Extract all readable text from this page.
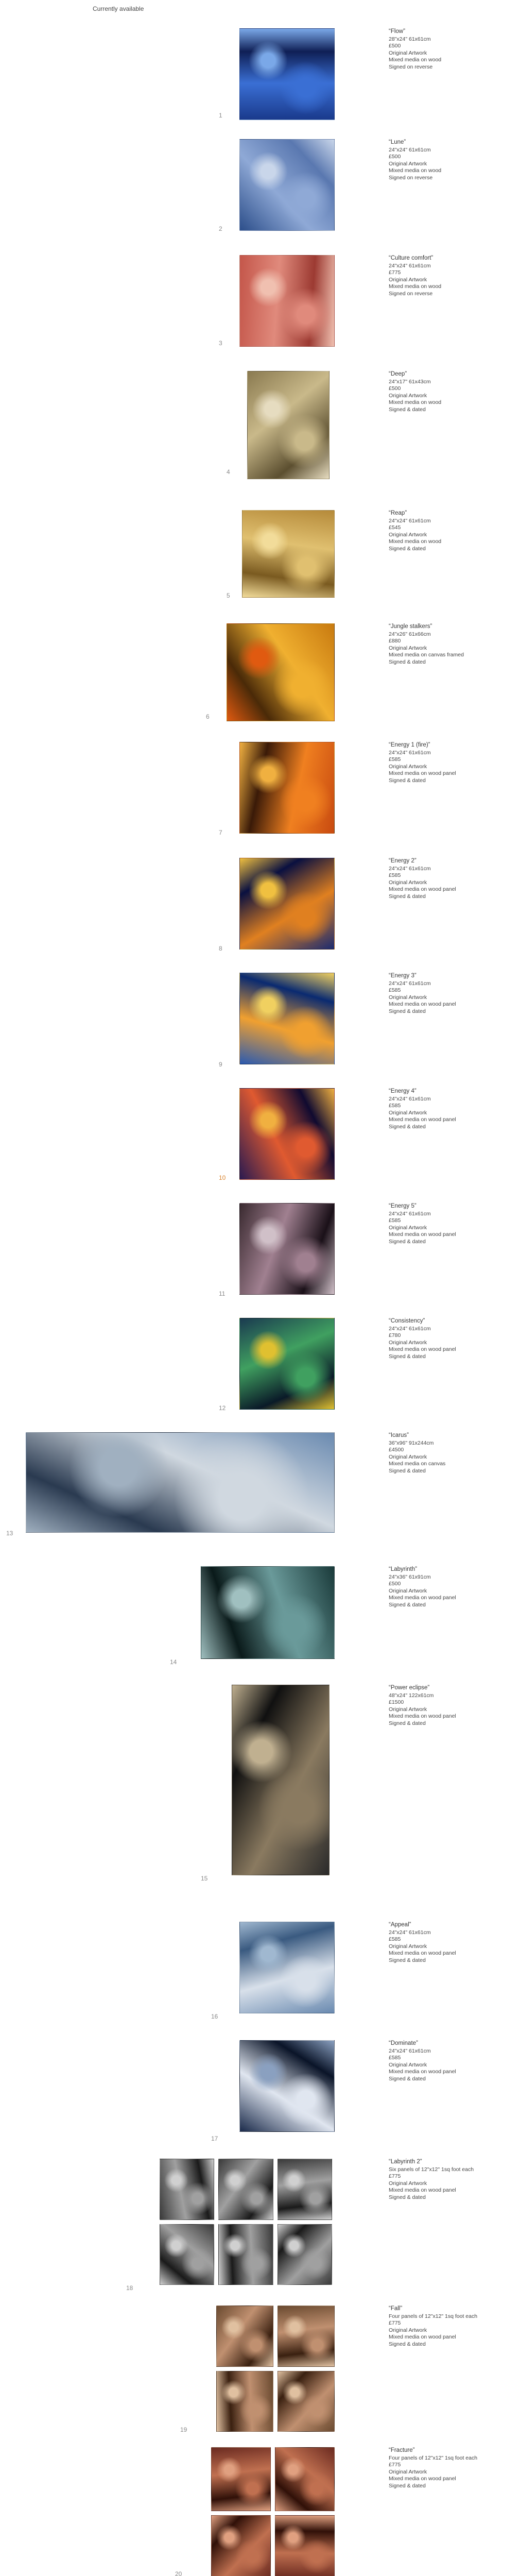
Currently available
1
“Flow”
28"x24" 61x61cm
£500
Original Artwork
Mixed media on wood
Signed on reverse
2
“Lune”
24"x24" 61x61cm
£500
Original Artwork
Mixed media on wood
Signed on reverse
3
“Culture comfort”
24"x24" 61x61cm
£775
Original Artwork
Mixed media on wood
Signed on reverse
4
“Deep”
24"x17" 61x43cm
£500
Original Artwork
Mixed media on wood
Signed & dated
5
“Reap”
24"x24" 61x61cm
£545
Original Artwork
Mixed media on wood
Signed & dated
6
“Jungle stalkers”
24"x26" 61x66cm
£880
Original Artwork
Mixed media on canvas framed
Signed & dated
7
“Energy 1 (fire)”
24"x24" 61x61cm
£585
Original Artwork
Mixed media on wood panel
Signed & dated
8
“Energy 2”
24"x24" 61x61cm
£585
Original Artwork
Mixed media on wood panel
Signed & dated
9
“Energy 3”
24"x24" 61x61cm
£585
Original Artwork
Mixed media on wood panel
Signed & dated
10
“Energy 4”
24"x24" 61x61cm
£585
Original Artwork
Mixed media on wood panel
Signed & dated
11
“Energy 5”
24"x24" 61x61cm
£585
Original Artwork
Mixed media on wood panel
Signed & dated
12
“Consistency”
24"x24" 61x61cm
£780
Original Artwork
Mixed media on wood panel
Signed & dated
13
“Icarus”
36"x96" 91x244cm
£4500
Original Artwork
Mixed media on canvas
Signed & dated
14
“Labyrinth”
24"x36" 61x91cm
£500
Original Artwork
Mixed media on wood panel
Signed & dated
15
“Power eclipse”
48"x24" 122x61cm
£1500
Original Artwork
Mixed media on wood panel
Signed & dated
16
“Appeal”
24"x24" 61x61cm
£585
Original Artwork
Mixed media on wood panel
Signed & dated
17
“Dominate”
24"x24" 61x61cm
£585
Original Artwork
Mixed media on wood panel
Signed & dated
18
“Labyrinth 2”
Six panels of 12"x12" 1sq foot each
£775
Original Artwork
Mixed media on wood panel
Signed & dated
19
“Fall”
Four panels of 12"x12" 1sq foot each
£775
Original Artwork
Mixed media on wood panel
Signed & dated
20
“Fracture”
Four panels of 12"x12" 1sq foot each
£775
Original Artwork
Mixed media on wood panel
Signed & dated
